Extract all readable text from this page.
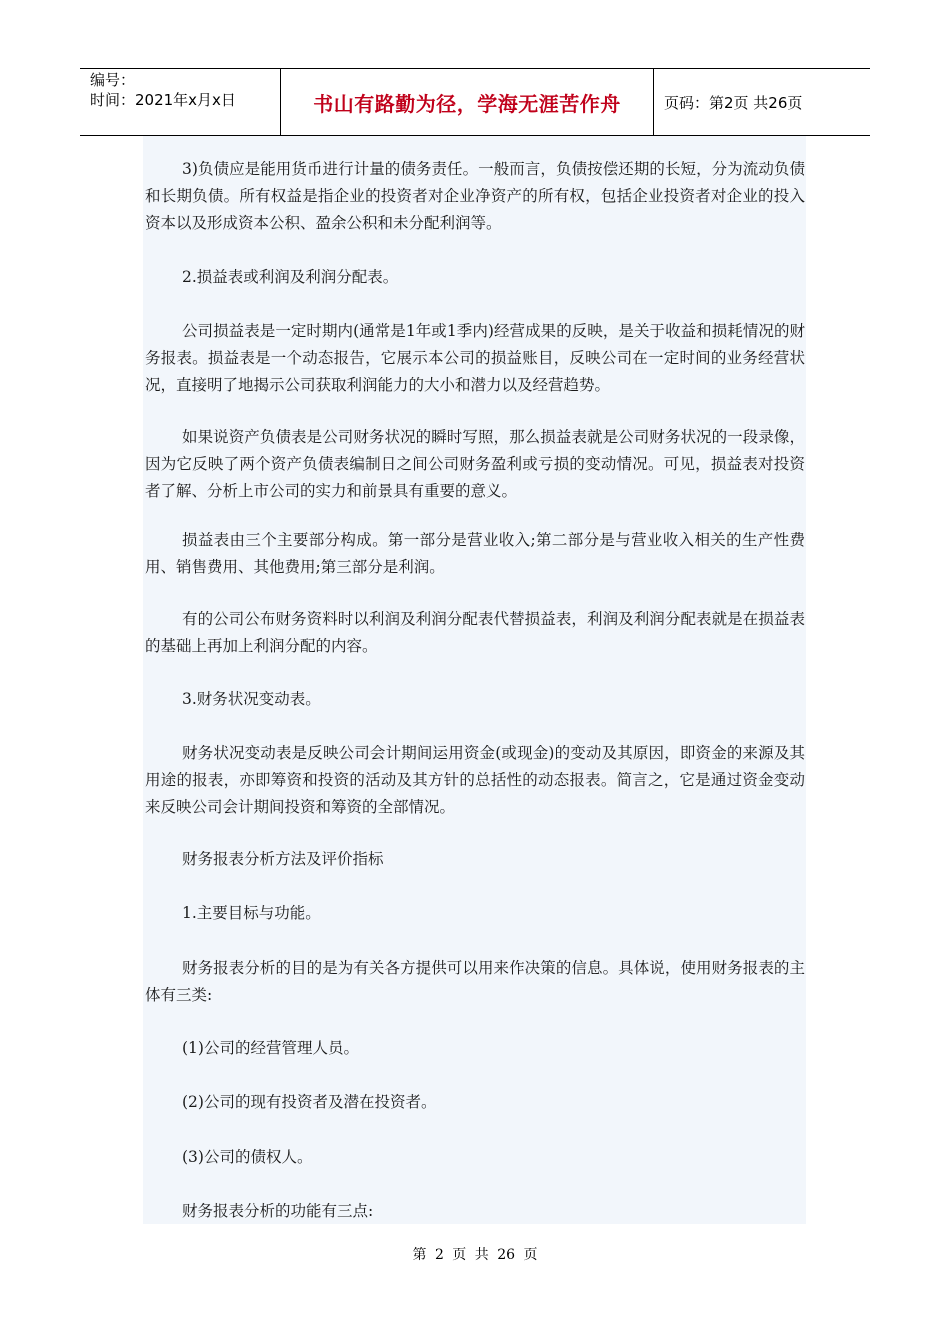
编号：
时间：2021年x月x日	书山有路勤为径，学海无涯苦作舟	页码：第2页 共26页

3)负债应是能用货币进行计量的债务责任。一般而言，负债按偿还期的长短，分为流动负债和长期负债。所有权益是指企业的投资者对企业净资产的所有权，包括企业投资者对企业的投入资本以及形成资本公积、盈余公积和未分配利润等。

2.损益表或利润及利润分配表。

公司损益表是一定时期内(通常是1年或1季内)经营成果的反映，是关于收益和损耗情况的财务报表。损益表是一个动态报告，它展示本公司的损益账目，反映公司在一定时间的业务经营状况，直接明了地揭示公司获取利润能力的大小和潜力以及经营趋势。

如果说资产负债表是公司财务状况的瞬时写照，那么损益表就是公司财务状况的一段录像，因为它反映了两个资产负债表编制日之间公司财务盈利或亏损的变动情况。可见，损益表对投资者了解、分析上市公司的实力和前景具有重要的意义。

损益表由三个主要部分构成。第一部分是营业收入;第二部分是与营业收入相关的生产性费用、销售费用、其他费用;第三部分是利润。

有的公司公布财务资料时以利润及利润分配表代替损益表，利润及利润分配表就是在损益表的基础上再加上利润分配的内容。

3.财务状况变动表。

财务状况变动表是反映公司会计期间运用资金(或现金)的变动及其原因，即资金的来源及其用途的报表，亦即筹资和投资的活动及其方针的总括性的动态报表。简言之，它是通过资金变动来反映公司会计期间投资和筹资的全部情况。

财务报表分析方法及评价指标

1.主要目标与功能。

财务报表分析的目的是为有关各方提供可以用来作决策的信息。具体说，使用财务报表的主体有三类:

(1)公司的经营管理人员。

(2)公司的现有投资者及潜在投资者。

(3)公司的债权人。

财务报表分析的功能有三点:

第 2 页 共 26 页
